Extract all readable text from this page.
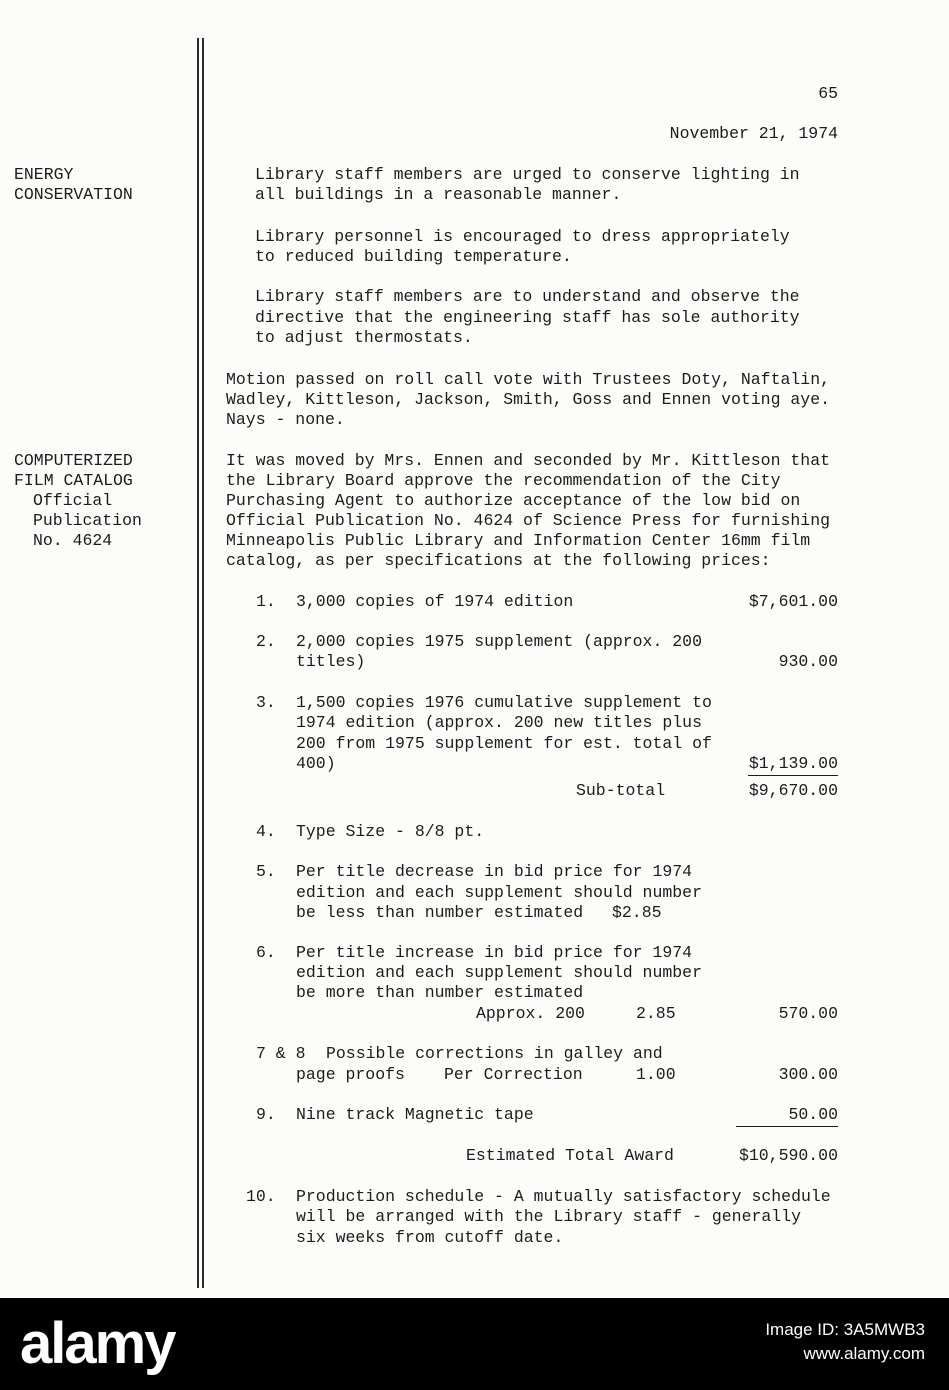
65
November 21, 1974
ENERGY
CONSERVATION
COMPUTERIZED
FILM CATALOG
Official
Publication
No. 4624
Library staff members are urged to conserve lighting in
all buildings in a reasonable manner.
Library personnel is encouraged to dress appropriately
to reduced building temperature.
Library staff members are to understand and observe the
directive that the engineering staff has sole authority
to adjust thermostats.
Motion passed on roll call vote with Trustees Doty, Naftalin,
Wadley, Kittleson, Jackson, Smith, Goss and Ennen voting aye.
Nays - none.
It was moved by Mrs. Ennen and seconded by Mr. Kittleson that
the Library Board approve the recommendation of the City
Purchasing Agent to authorize acceptance of the low bid on
Official Publication No. 4624 of Science Press for furnishing
Minneapolis Public Library and Information Center 16mm film
catalog, as per specifications at the following prices:
1. 3,000 copies of 1974 edition	$7,601.00
2. 2,000 copies 1975 supplement (approx. 200
titles)	930.00
3. 1,500 copies 1976 cumulative supplement to
1974 edition (approx. 200 new titles plus
200 from 1975 supplement for est. total of
400)	$1,139.00
Sub-total	$9,670.00
4. Type Size - 8/8 pt.
5. Per title decrease in bid price for 1974
edition and each supplement should number
be less than number estimated $2.85
6. Per title increase in bid price for 1974
edition and each supplement should number
be more than number estimated
Approx. 200	2.85	570.00
7 & 8 Possible corrections in galley and
page proofs Per Correction	1.00	300.00
9. Nine track Magnetic tape	50.00
Estimated Total Award	$10,590.00
10. Production schedule - A mutually satisfactory schedule
will be arranged with the Library staff - generally
six weeks from cutoff date.
alamy	Image ID: 3A5MWB3
www.alamy.com
